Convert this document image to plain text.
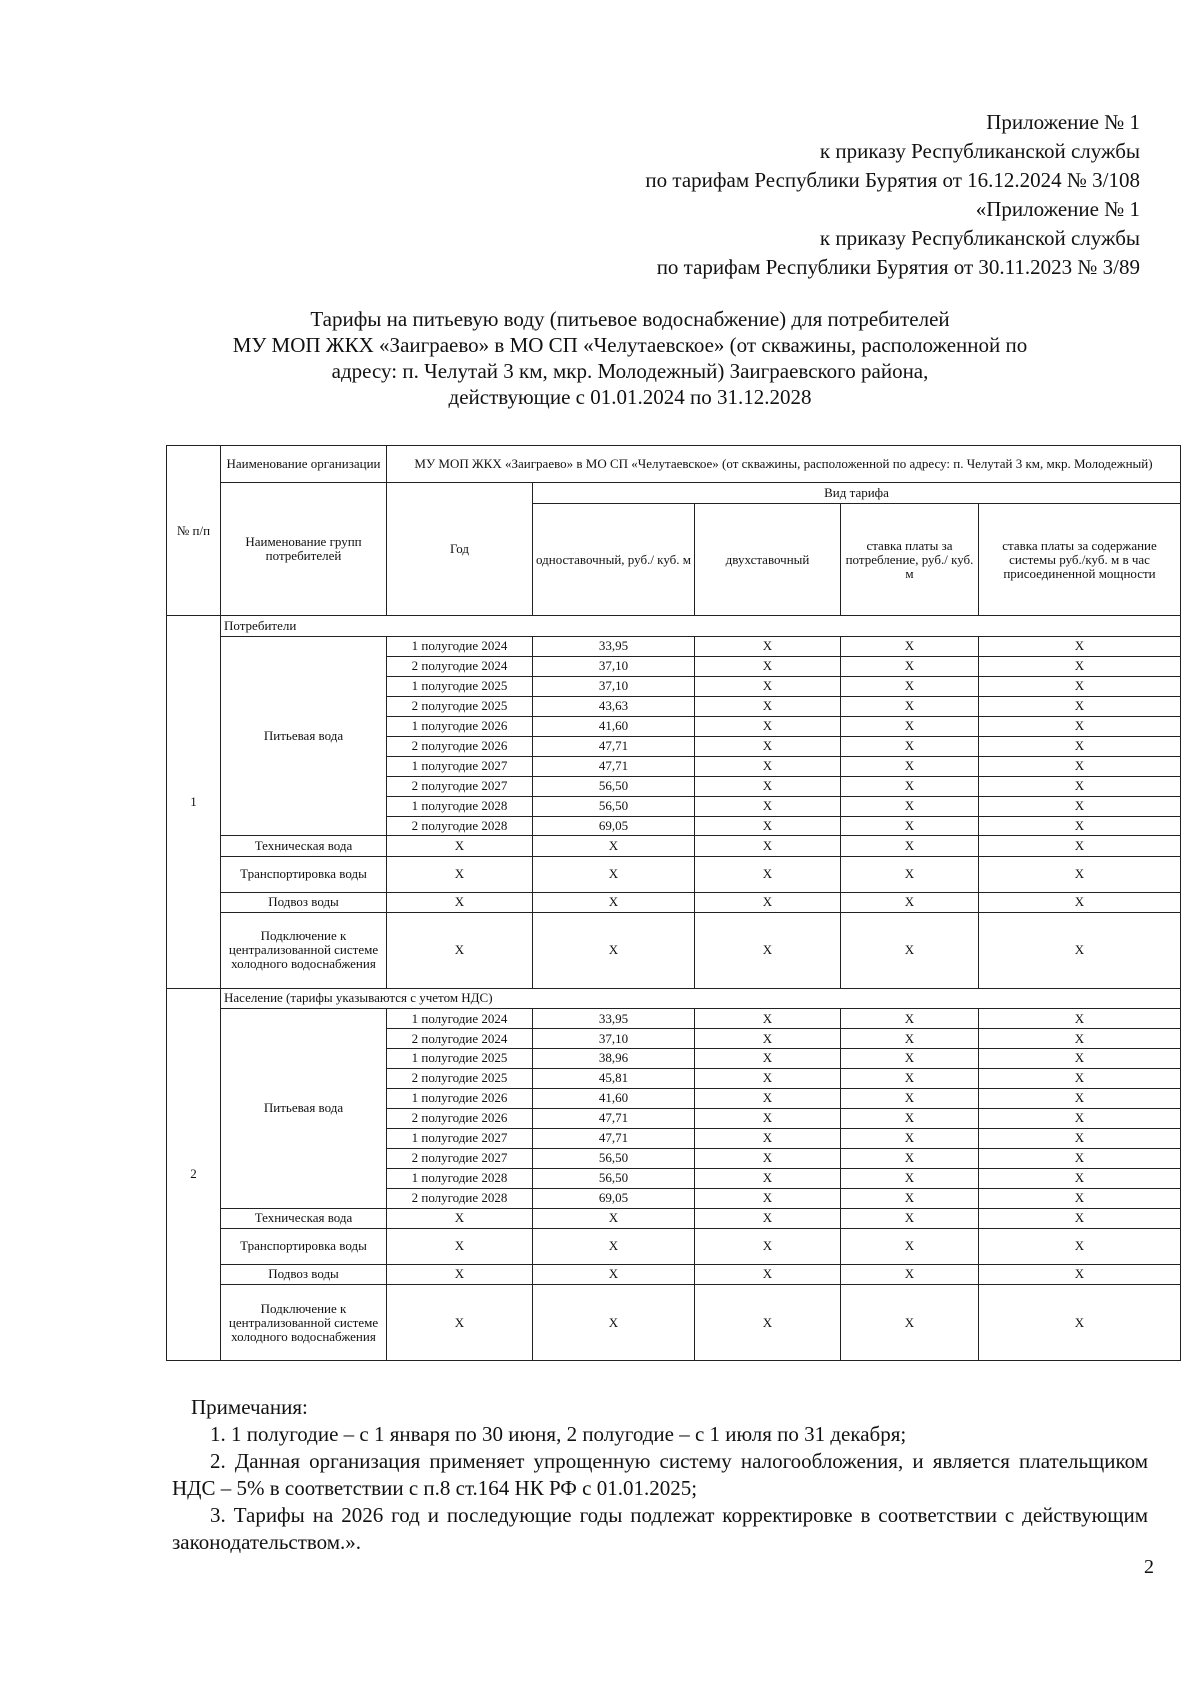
Приложение № 1
к приказу Республиканской службы
по тарифам Республики Бурятия от 16.12.2024 № 3/108
«Приложение № 1
к приказу Республиканской службы
по тарифам Республики Бурятия от 30.11.2023 № 3/89
Тарифы на питьевую воду (питьевое водоснабжение) для потребителей
МУ МОП ЖКХ «Заиграево» в МО СП «Челутаевское» (от скважины, расположенной по
адресу: п. Челутай 3 км, мкр. Молодежный) Заиграевского района,
действующие с 01.01.2024 по 31.12.2028
№ п/п	Наименование организации	МУ МОП ЖКХ «Заиграево» в МО СП «Челутаевское» (от скважины, расположенной по адресу: п. Челутай 3 км, мкр. Молодежный)				
	Наименование групп потребителей	Год	Вид тарифа			
			одноставочный, руб./ куб. м	двухставочный	ставка платы за потребление, руб./ куб. м	ставка платы за содержание системы руб./куб. м в час присоединенной мощности
1	Потребители					
	Питьевая вода	1 полугодие 2024	33,95	X	X	X
		2 полугодие 2024	37,10	X	X	X
		1 полугодие 2025	37,10	X	X	X
		2 полугодие 2025	43,63	X	X	X
		1 полугодие 2026	41,60	X	X	X
		2 полугодие 2026	47,71	X	X	X
		1 полугодие 2027	47,71	X	X	X
		2 полугодие 2027	56,50	X	X	X
		1 полугодие 2028	56,50	X	X	X
		2 полугодие 2028	69,05	X	X	X
	Техническая вода	X	X	X	X	X
	Транспортировка воды	X	X	X	X	X
	Подвоз воды	X	X	X	X	X
	Подключение к централизованной системе холодного водоснабжения	X	X	X	X	X
2	Население (тарифы указываются с учетом НДС)					
	Питьевая вода	1 полугодие 2024	33,95	X	X	X
		2 полугодие 2024	37,10	X	X	X
		1 полугодие 2025	38,96	X	X	X
		2 полугодие 2025	45,81	X	X	X
		1 полугодие 2026	41,60	X	X	X
		2 полугодие 2026	47,71	X	X	X
		1 полугодие 2027	47,71	X	X	X
		2 полугодие 2027	56,50	X	X	X
		1 полугодие 2028	56,50	X	X	X
		2 полугодие 2028	69,05	X	X	X
	Техническая вода	X	X	X	X	X
	Транспортировка воды	X	X	X	X	X
	Подвоз воды	X	X	X	X	X
	Подключение к централизованной системе холодного водоснабжения	X	X	X	X	X

Примечания:

1. 1 полугодие – с 1 января по 30 июня, 2 полугодие – с 1 июля по 31 декабря;

2. Данная организация применяет упрощенную систему налогообложения, и является плательщиком НДС – 5% в соответствии с п.8 ст.164 НК РФ с 01.01.2025;

3. Тарифы на 2026 год и последующие годы подлежат корректировке в соответствии с действующим законодательством.».

2
